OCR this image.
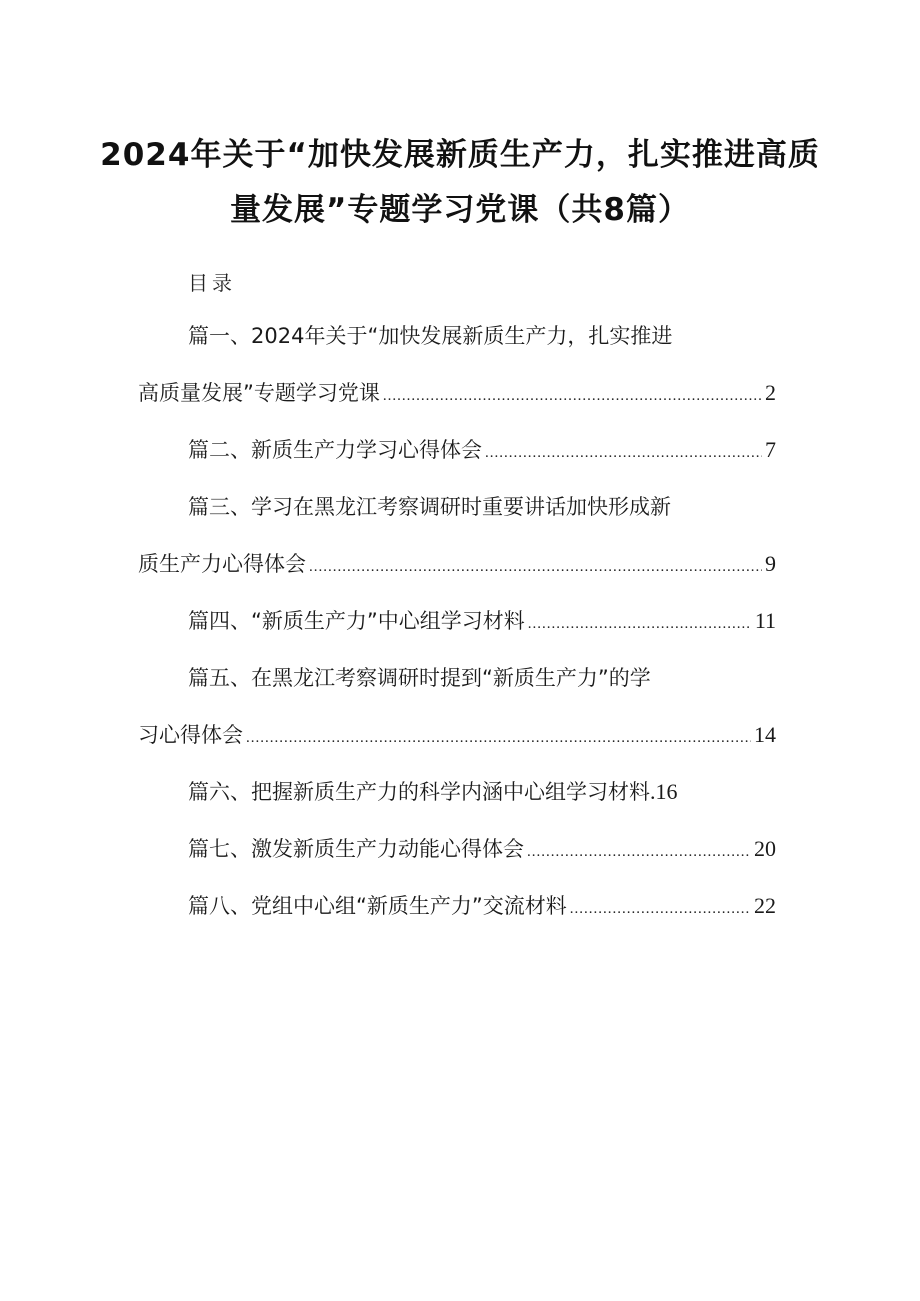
2024年关于“加快发展新质生产力，扎实推进高质量发展”专题学习党课（共8篇）
目录
篇一、2024年关于“加快发展新质生产力，扎实推进
高质量发展”专题学习党课 .....	2
篇二、新质生产力学习心得体会 .....	7
篇三、学习在黑龙江考察调研时重要讲话加快形成新
质生产力心得体会 .....	9
篇四、“新质生产力”中心组学习材料 .....	11
篇五、在黑龙江考察调研时提到“新质生产力”的学
习心得体会 .....	14
篇六、把握新质生产力的科学内涵中心组学习材料 . 16
篇七、激发新质生产力动能心得体会 .....	20
篇八、党组中心组“新质生产力”交流材料 .....	22
